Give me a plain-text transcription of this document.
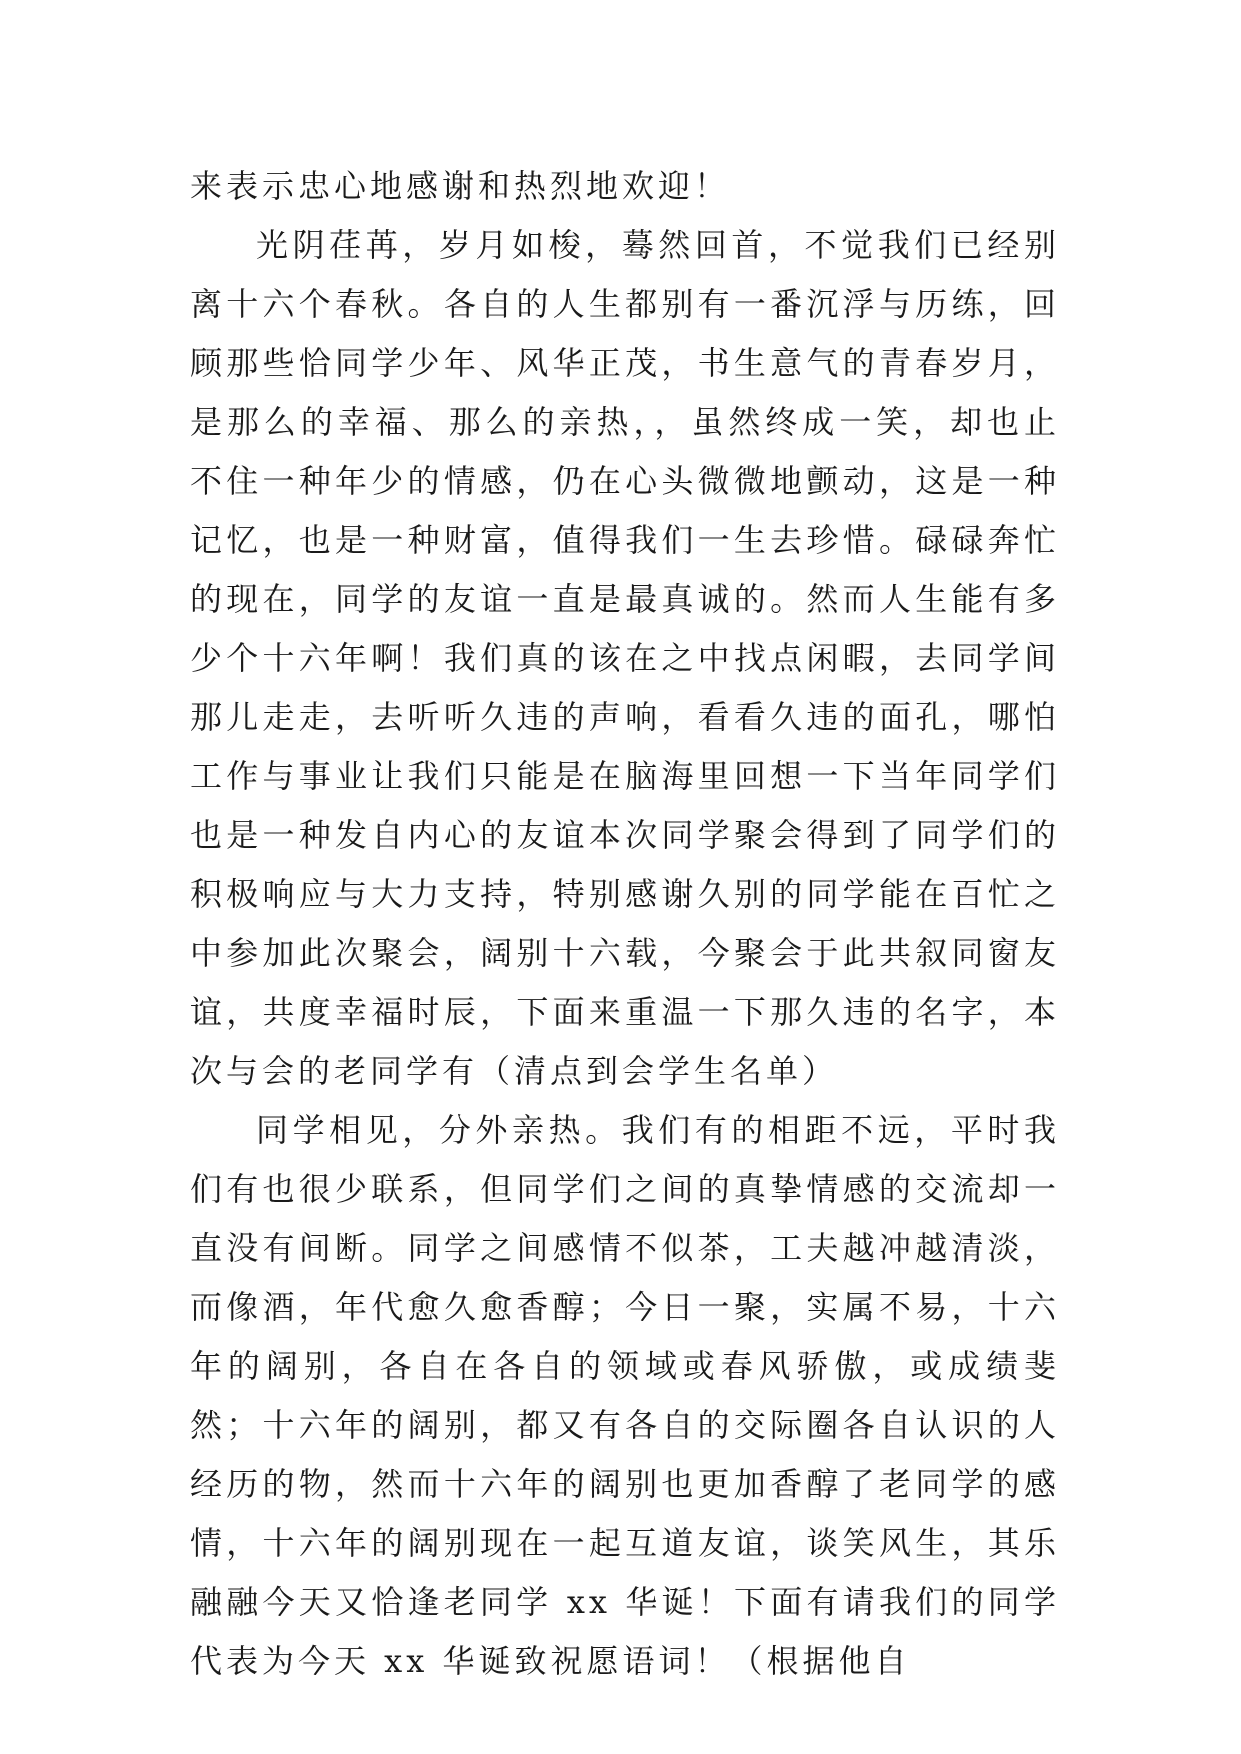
来表示忠心地感谢和热烈地欢迎！

光阴荏苒，岁月如梭，蓦然回首，不觉我们已经别离十六个春秋。各自的人生都别有一番沉浮与历练，回顾那些恰同学少年、风华正茂，书生意气的青春岁月，是那么的幸福、那么的亲热，，虽然终成一笑，却也止不住一种年少的情感，仍在心头微微地颤动，这是一种记忆，也是一种财富，值得我们一生去珍惜。碌碌奔忙的现在，同学的友谊一直是最真诚的。然而人生能有多少个十六年啊！我们真的该在之中找点闲暇，去同学间那儿走走，去听听久违的声响，看看久违的面孔，哪怕工作与事业让我们只能是在脑海里回想一下当年同学们也是一种发自内心的友谊本次同学聚会得到了同学们的积极响应与大力支持，特别感谢久别的同学能在百忙之中参加此次聚会，阔别十六载，今聚会于此共叙同窗友谊，共度幸福时辰，下面来重温一下那久违的名字，本次与会的老同学有（清点到会学生名单）

同学相见，分外亲热。我们有的相距不远，平时我们有也很少联系，但同学们之间的真挚情感的交流却一直没有间断。同学之间感情不似茶，工夫越冲越清淡，而像酒，年代愈久愈香醇；今日一聚，实属不易，十六年的阔别，各自在各自的领域或春风骄傲，或成绩斐然；十六年的阔别，都又有各自的交际圈各自认识的人经历的物，然而十六年的阔别也更加香醇了老同学的感情，十六年的阔别现在一起互道友谊，谈笑风生，其乐融融今天又恰逢老同学 xx 华诞！下面有请我们的同学代表为今天 xx 华诞致祝愿语词！（根据他自
